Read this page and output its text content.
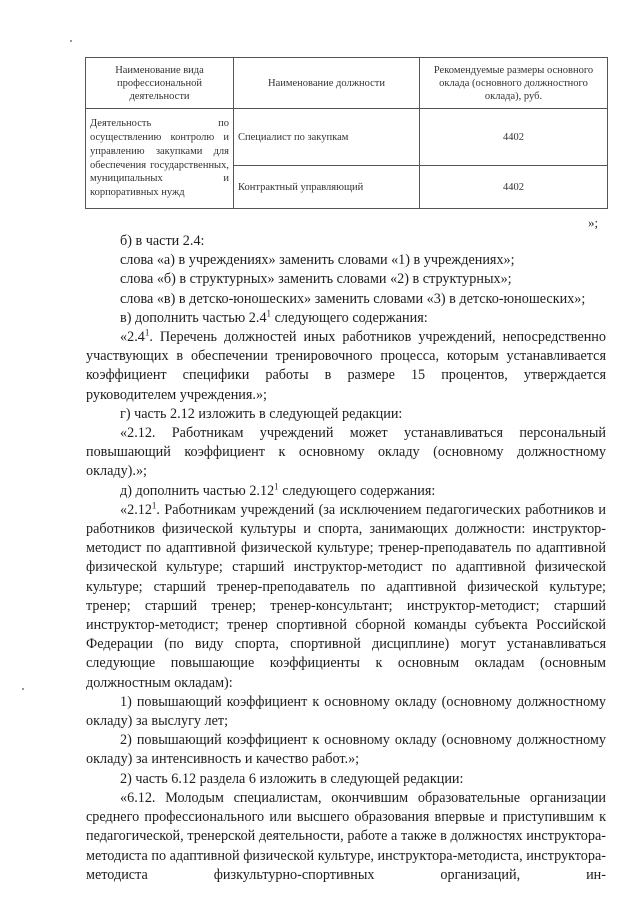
Наименование вида профессиональной деятельности	Наименование должности	Рекомендуемые размеры основного оклада (основного должностного оклада), руб.
Деятельность по осуществлению контролю и управлению закупками для обеспечения государственных, муниципальных и корпоративных нужд	Специалист по закупкам	4402
	Контрактный управляющий	4402
»;

б) в части 2.4:

слова «а) в учреждениях» заменить словами «1) в учреждениях»;

слова «б) в структурных» заменить словами «2) в структурных»;

слова «в) в детско-юношеских» заменить словами «3) в детско-юношеских»;

в) дополнить частью $2.4^1$ следующего содержания:

«$2.4^1$. Перечень должностей иных работников учреждений, непосредственно участвующих в обеспечении тренировочного процесса, которым устанавливается коэффициент специфики работы в размере 15 процентов, утверждается руководителем учреждения.»;

г) часть 2.12 изложить в следующей редакции:

«2.12. Работникам учреждений может устанавливаться персональный повышающий коэффициент к основному окладу (основному должностному окладу).»;

д) дополнить частью 2.12$^1$ следующего содержания:

«2.12$^1$. Работникам учреждений (за исключением педагогических работников и работников физической культуры и спорта, занимающих должности: инструктор-методист по адаптивной физической культуре; тренер-преподаватель по адаптивной физической культуре; старший инструктор-методист по адаптивной физической культуре; старший тренер-преподаватель по адаптивной физической культуре; тренер; старший тренер; тренер-консультант; инструктор-методист; старший инструктор-методист; тренер спортивной сборной команды субъекта Российской Федерации (по виду спорта, спортивной дисциплине) могут устанавливаться следующие повышающие коэффициенты к основным окладам (основным должностным окладам):

1) повышающий коэффициент к основному окладу (основному должностному окладу) за выслугу лет;

2) повышающий коэффициент к основному окладу (основному должностному окладу) за интенсивность и качество работ.»;

2) часть 6.12 раздела 6 изложить в следующей редакции:

«6.12. Молодым специалистам, окончившим образовательные организации среднего профессионального или высшего образования впервые и приступившим к педагогической, тренерской деятельности, работе а также в должностях инструктора-методиста по адаптивной физической культуре, инструктора-методиста, инструктора-методиста физкультурно-спортивных организаций, ин-
